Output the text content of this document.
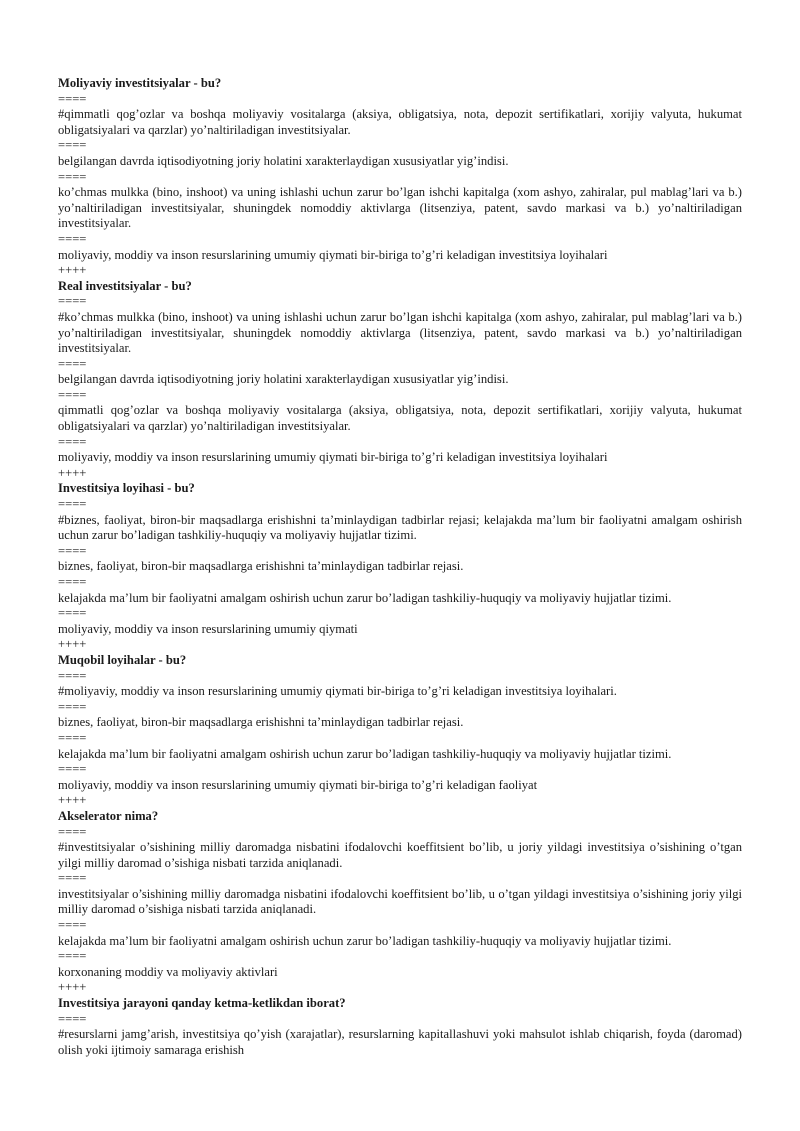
Moliyaviy investitsiyalar - bu?

====

#qimmatli qog’ozlar va boshqa moliyaviy vositalarga (aksiya, obligatsiya, nota, depozit sertifikatlari, xorijiy valyuta, hukumat obligatsiyalari va qarzlar) yo’naltiriladigan investitsiyalar.

====

belgilangan davrda iqtisodiyotning joriy holatini xarakterlaydigan xususiyatlar yig’indisi.

====

ko’chmas mulkka (bino, inshoot) va uning ishlashi uchun zarur bo’lgan ishchi kapitalga (xom ashyo, zahiralar, pul mablag’lari va b.) yo’naltiriladigan investitsiyalar, shuningdek nomoddiy aktivlarga (litsenziya, patent, savdo markasi va b.) yo’naltiriladigan investitsiyalar.

====

moliyaviy, moddiy va inson resurslarining umumiy qiymati bir-biriga to’g’ri keladigan investitsiya loyihalari

++++

Real investitsiyalar - bu?

====

#ko’chmas mulkka (bino, inshoot) va uning ishlashi uchun zarur bo’lgan ishchi kapitalga (xom ashyo, zahiralar, pul mablag’lari va b.) yo’naltiriladigan investitsiyalar, shuningdek nomoddiy aktivlarga (litsenziya, patent, savdo markasi va b.) yo’naltiriladigan investitsiyalar.

====

belgilangan davrda iqtisodiyotning joriy holatini xarakterlaydigan xususiyatlar yig’indisi.

====

qimmatli qog’ozlar va boshqa moliyaviy vositalarga (aksiya, obligatsiya, nota, depozit sertifikatlari, xorijiy valyuta, hukumat obligatsiyalari va qarzlar) yo’naltiriladigan investitsiyalar.

====

moliyaviy, moddiy va inson resurslarining umumiy qiymati bir-biriga to’g’ri keladigan investitsiya loyihalari

++++

Investitsiya loyihasi - bu?

====

#biznes, faoliyat, biron-bir maqsadlarga erishishni ta’minlaydigan tadbirlar rejasi; kelajakda ma’lum bir faoliyatni amalgam oshirish uchun zarur bo’ladigan tashkiliy-huquqiy va moliyaviy hujjatlar tizimi.

====

biznes, faoliyat, biron-bir maqsadlarga erishishni ta’minlaydigan tadbirlar rejasi.

====

kelajakda ma’lum bir faoliyatni amalgam oshirish uchun zarur bo’ladigan tashkiliy-huquqiy va moliyaviy hujjatlar tizimi.

====

moliyaviy, moddiy va inson resurslarining umumiy qiymati

++++

Muqobil loyihalar - bu?

====

#moliyaviy, moddiy va inson resurslarining umumiy qiymati bir-biriga to’g’ri keladigan investitsiya loyihalari.

====

biznes, faoliyat, biron-bir maqsadlarga erishishni ta’minlaydigan tadbirlar rejasi.

====

kelajakda ma’lum bir faoliyatni amalgam oshirish uchun zarur bo’ladigan tashkiliy-huquqiy va moliyaviy hujjatlar tizimi.

====

moliyaviy, moddiy va inson resurslarining umumiy qiymati bir-biriga to’g’ri keladigan faoliyat

++++

Akselerator nima?

====

#investitsiyalar o’sishining milliy daromadga nisbatini ifodalovchi koeffitsient bo’lib, u joriy yildagi investitsiya o’sishining o’tgan yilgi milliy daromad o’sishiga nisbati tarzida aniqlanadi.

====

investitsiyalar o’sishining milliy daromadga nisbatini ifodalovchi koeffitsient bo’lib, u o’tgan yildagi investitsiya o’sishining joriy yilgi milliy daromad o’sishiga nisbati tarzida aniqlanadi.

====

kelajakda ma’lum bir faoliyatni amalgam oshirish uchun zarur bo’ladigan tashkiliy-huquqiy va moliyaviy hujjatlar tizimi.

====

korxonaning moddiy va moliyaviy aktivlari

++++

Investitsiya jarayoni qanday ketma-ketlikdan iborat?

====

#resurslarni jamg’arish, investitsiya qo’yish (xarajatlar), resurslarning kapitallashuvi yoki mahsulot ishlab chiqarish, foyda (daromad) olish yoki ijtimoiy samaraga erishish
